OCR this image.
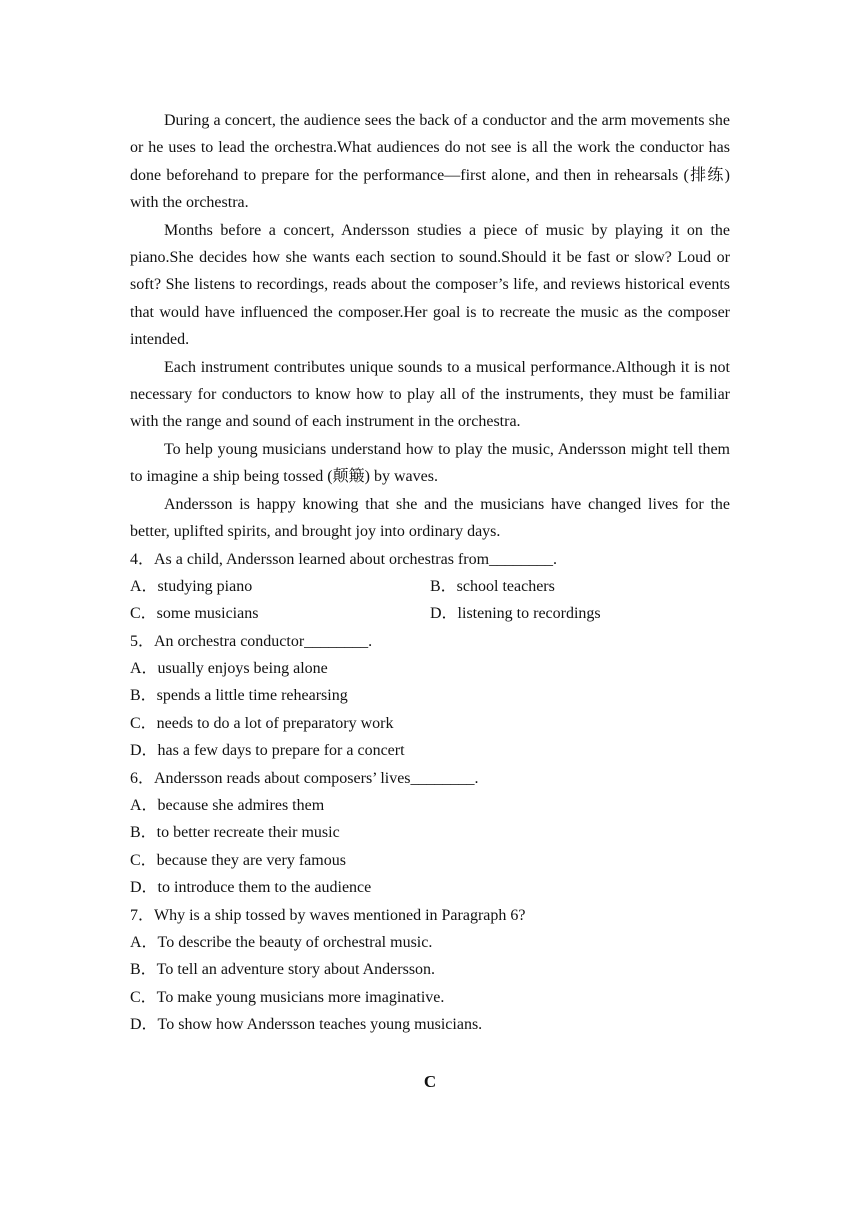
During a concert, the audience sees the back of a conductor and the arm movements she or he uses to lead the orchestra.What audiences do not see is all the work the conductor has done beforehand to prepare for the performance—first alone, and then in rehearsals (排练) with the orchestra.

Months before a concert, Andersson studies a piece of music by playing it on the piano.She decides how she wants each section to sound.Should it be fast or slow? Loud or soft? She listens to recordings, reads about the composer’s life, and reviews historical events that would have influenced the composer.Her goal is to recreate the music as the composer intended.

Each instrument contributes unique sounds to a musical performance.Although it is not necessary for conductors to know how to play all of the instruments, they must be familiar with the range and sound of each instrument in the orchestra.

To help young musicians understand how to play the music, Andersson might tell them to imagine a ship being tossed (颠簸) by waves.

Andersson is happy knowing that she and the musicians have changed lives for the better, uplifted spirits, and brought joy into ordinary days.

4．As a child, Andersson learned about orchestras from________.

A．studying piano	B．school teachers
C．some musicians	D．listening to recordings

5．An orchestra conductor________.

A．usually enjoys being alone

B．spends a little time rehearsing

C．needs to do a lot of preparatory work

D．has a few days to prepare for a concert

6．Andersson reads about composers’ lives________.

A．because she admires them

B．to better recreate their music

C．because they are very famous

D．to introduce them to the audience

7．Why is a ship tossed by waves mentioned in Paragraph 6?

A．To describe the beauty of orchestral music.

B．To tell an adventure story about Andersson.

C．To make young musicians more imaginative.

D．To show how Andersson teaches young musicians.

C
